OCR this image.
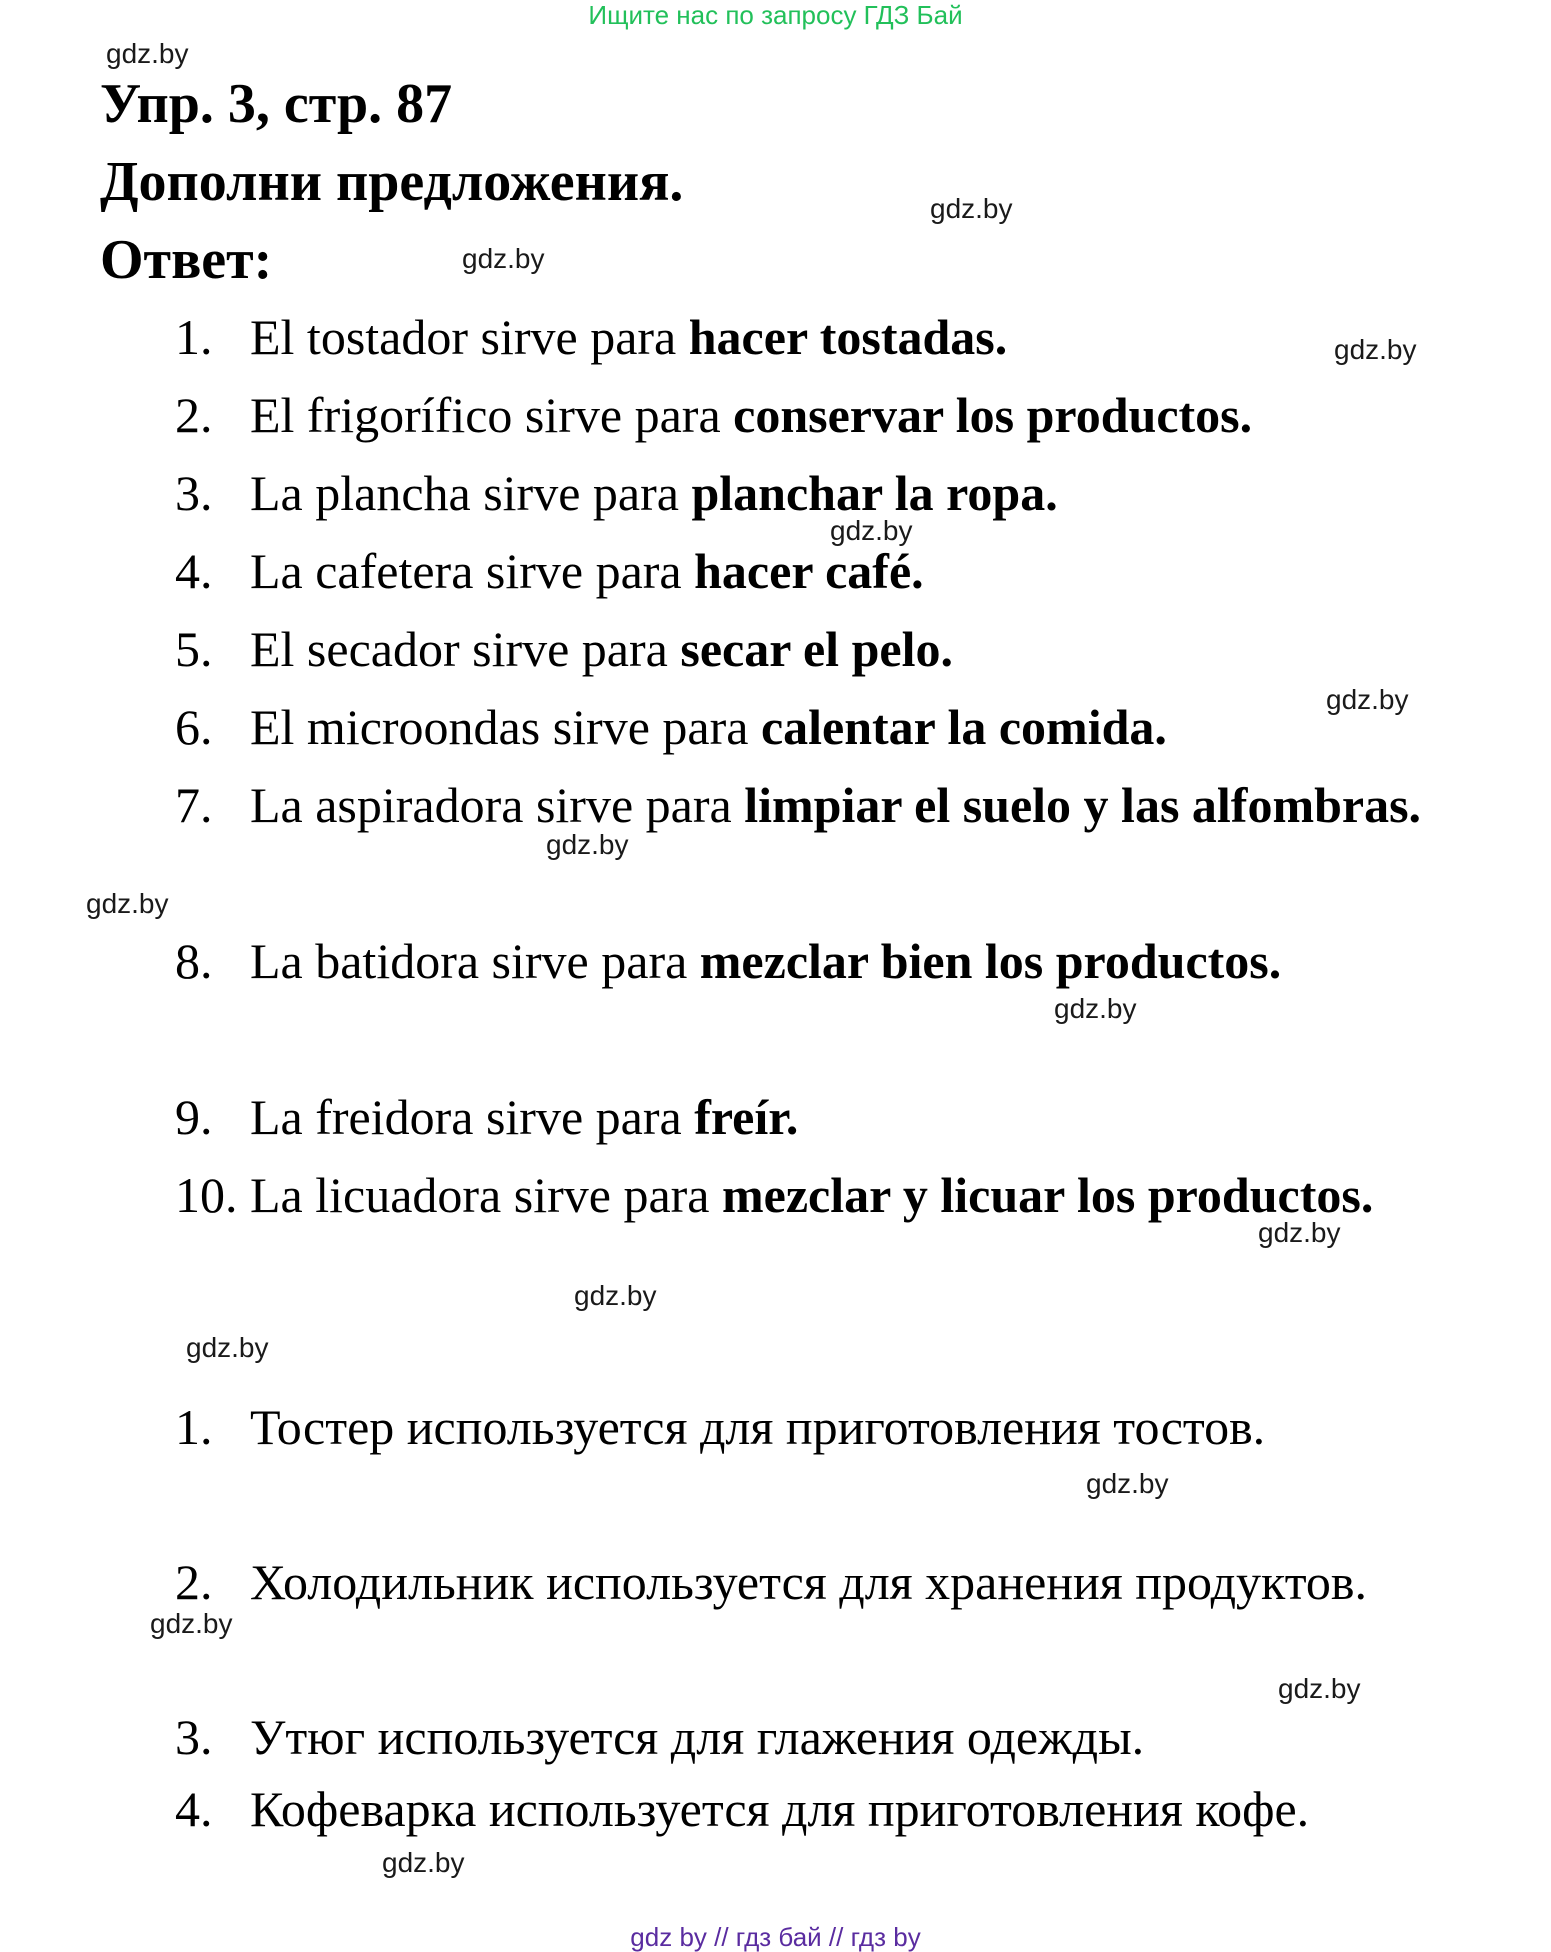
Ищите нас по запросу ГДЗ Бай
Упр. 3, стр. 87
Дополни предложения.
Ответ:
1. El tostador sirve para hacer tostadas.
2. El frigorífico sirve para conservar los productos.
3. La plancha sirve para planchar la ropa.
4. La cafetera sirve para hacer café.
5. El secador sirve para secar el pelo.
6. El microondas sirve para calentar la comida.
7. La aspiradora sirve para limpiar el suelo y las alfombras.
8. La batidora sirve para mezclar bien los productos.
9. La freidora sirve para freír.
10. La licuadora sirve para mezclar y licuar los productos.
1. Тостер используется для приготовления тостов.
2. Холодильник используется для хранения продуктов.
3. Утюг используется для глажения одежды.
4. Кофеварка используется для приготовления кофе.
gdz.by
gdz.by
gdz.by
gdz.by
gdz.by
gdz.by
gdz.by
gdz.by
gdz.by
gdz.by
gdz.by
gdz.by
gdz.by
gdz.by
gdz.by
gdz.by
gdz by // гдз бай // гдз by
